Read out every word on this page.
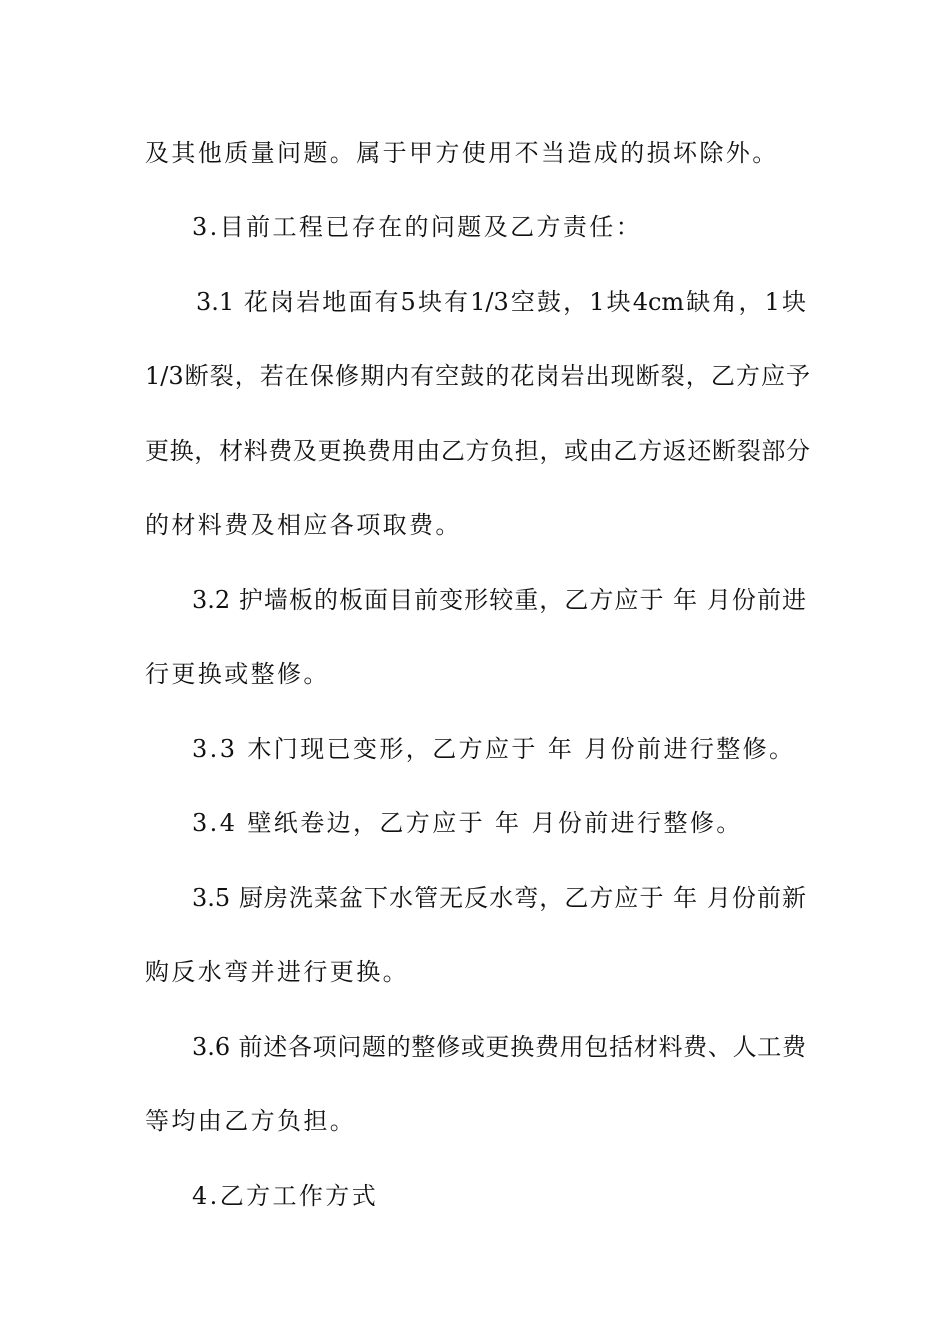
及其他质量问题。属于甲方使用不当造成的损坏除外。
3.目前工程已存在的问题及乙方责任：
3.1 花岗岩地面有5块有1/3空鼓，1块4cm缺角，1块
1/3断裂，若在保修期内有空鼓的花岗岩出现断裂，乙方应予
更换，材料费及更换费用由乙方负担，或由乙方返还断裂部分
的材料费及相应各项取费。
3.2 护墙板的板面目前变形较重，乙方应于 年 月份前进
行更换或整修。
3.3 木门现已变形，乙方应于 年 月份前进行整修。
3.4 壁纸卷边，乙方应于 年 月份前进行整修。
3.5 厨房洗菜盆下水管无反水弯，乙方应于 年 月份前新
购反水弯并进行更换。
3.6 前述各项问题的整修或更换费用包括材料费、人工费
等均由乙方负担。
4.乙方工作方式
